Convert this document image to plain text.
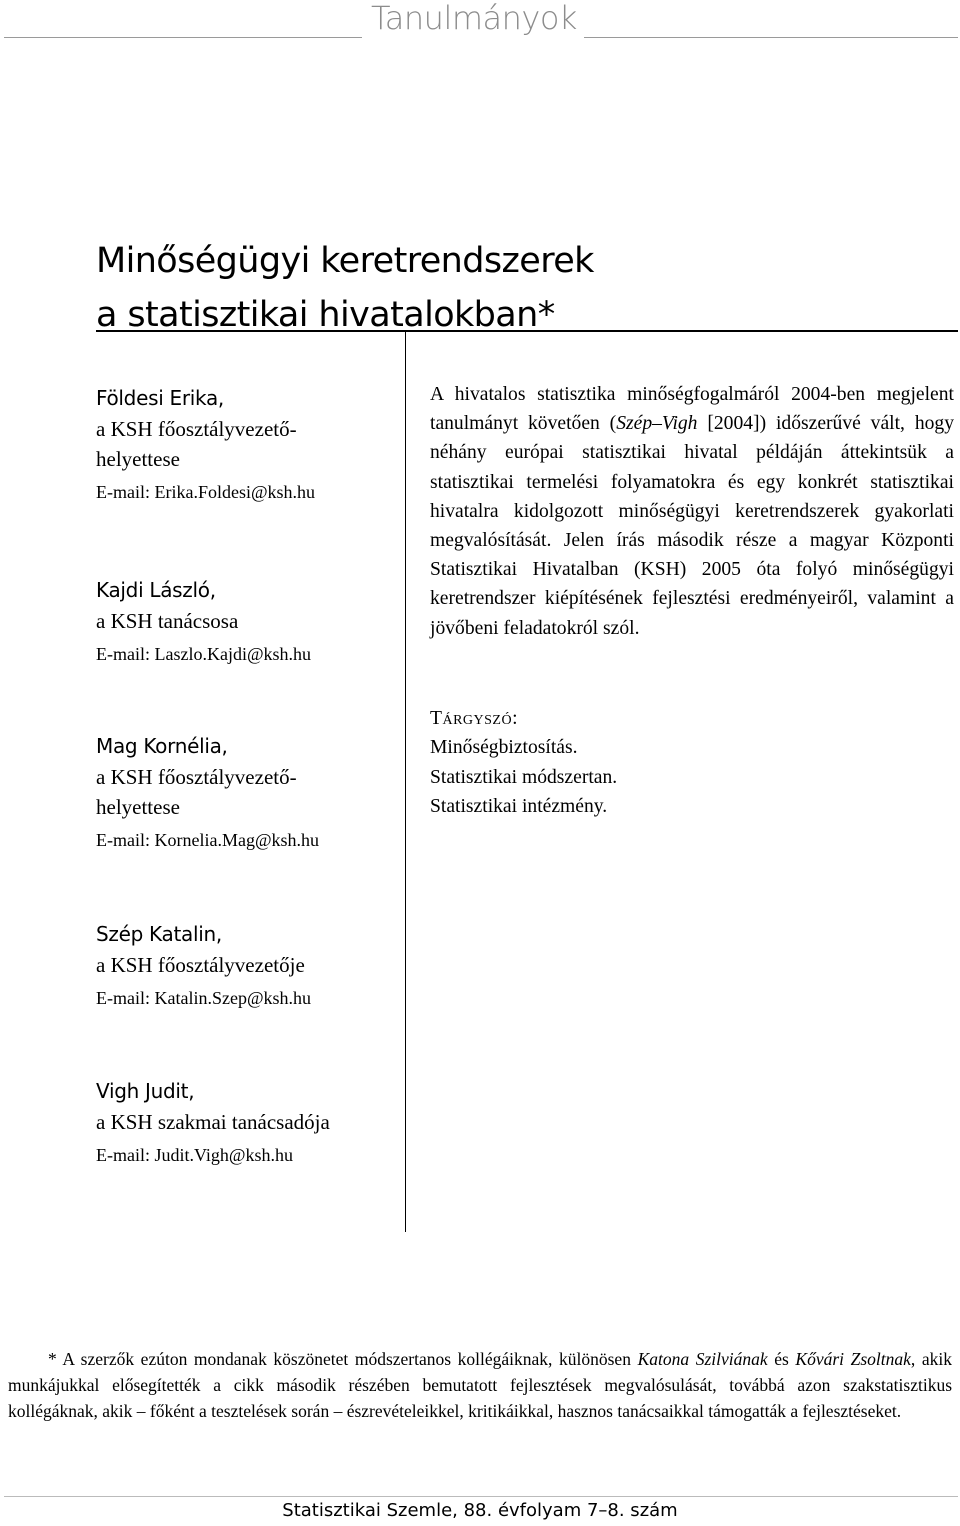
Tanulmányok
Minőségügyi keretrendszerek
a statisztikai hivatalokban*
Földesi Erika,
a KSH főosztályvezető-
helyettese
E-mail: Erika.Foldesi@ksh.hu
Kajdi László,
a KSH tanácsosa
E-mail: Laszlo.Kajdi@ksh.hu
Mag Kornélia,
a KSH főosztályvezető-
helyettese
E-mail: Kornelia.Mag@ksh.hu
Szép Katalin,
a KSH főosztályvezetője
E-mail: Katalin.Szep@ksh.hu
Vigh Judit,
a KSH szakmai tanácsadója
E-mail: Judit.Vigh@ksh.hu

A hivatalos statisztika minőségfogalmáról 2004-ben megjelent tanulmányt követően (Szép–Vigh [2004]) időszerűvé vált, hogy néhány európai statisztikai hivatal példáján áttekintsük a statisztikai termelési folyamatokra és egy konkrét statisztikai hivatalra kidolgozott minőségügyi keretrendszerek gyakorlati megvalósítását. Jelen írás második része a magyar Központi Statisztikai Hivatalban (KSH) 2005 óta folyó minőségügyi keretrendszer kiépítésének fejlesztési eredményeiről, valamint a jövőbeni feladatokról szól.

Tárgyszó:
Minőségbiztosítás.
Statisztikai módszertan.
Statisztikai intézmény.

* A szerzők ezúton mondanak köszönetet módszertanos kollégáiknak, különösen Katona Szilviának és Kővári Zsoltnak, akik munkájukkal elősegítették a cikk második részében bemutatott fejlesztések megvalósulását, továbbá azon szakstatisztikus kollégáknak, akik – főként a tesztelések során – észrevételeikkel, kritikáikkal, hasznos tanácsaikkal támogatták a fejlesztéseket.

Statisztikai Szemle, 88. évfolyam 7–8. szám
